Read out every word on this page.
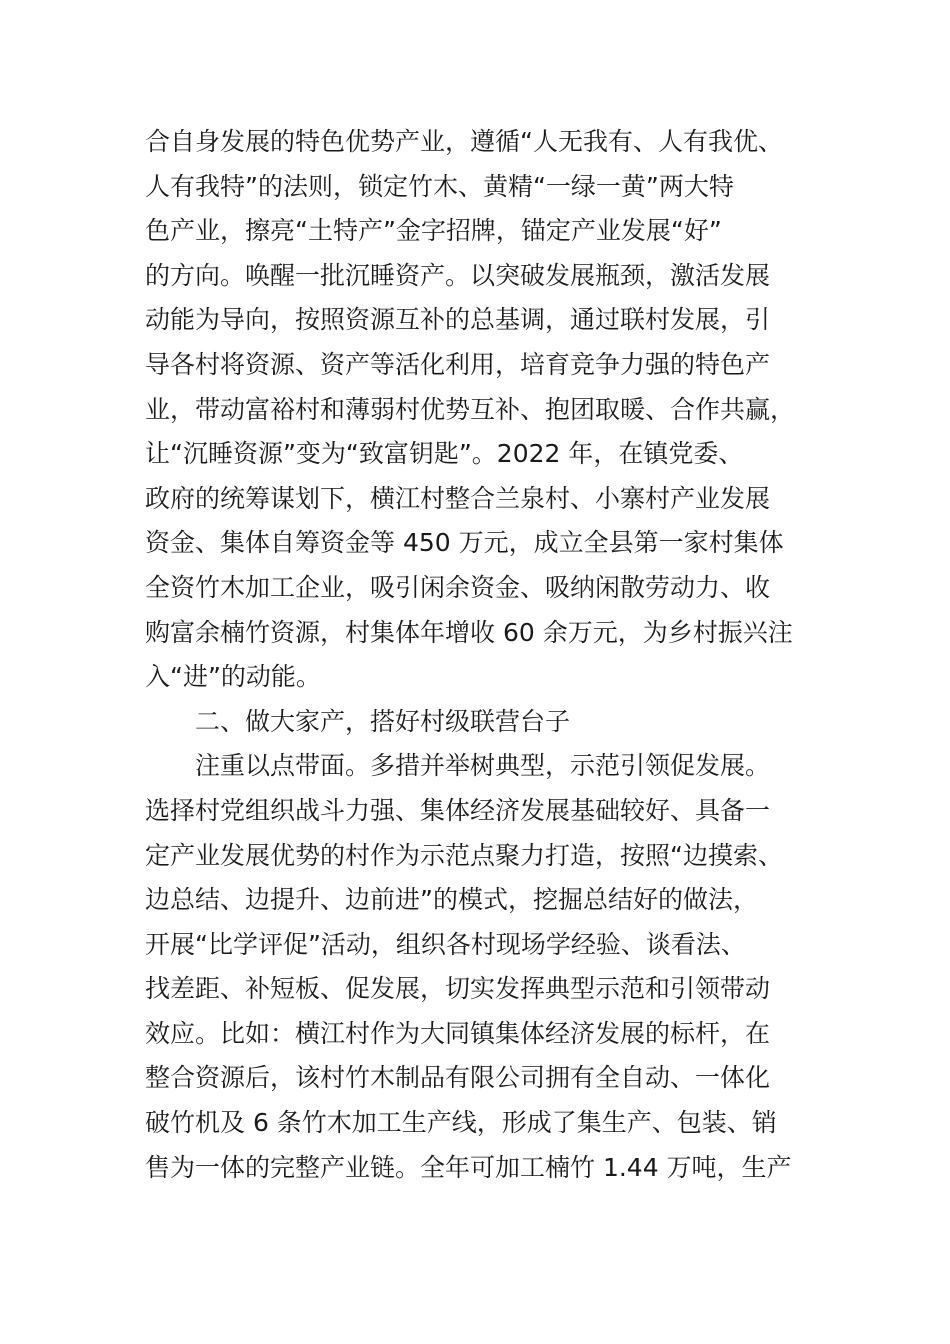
合自身发展的特色优势产业，遵循“人无我有、人有我优、
人有我特”的法则，锁定竹木、黄精“一绿一黄”两大特
色产业，擦亮“土特产”金字招牌，锚定产业发展“好”
的方向。唤醒一批沉睡资产。以突破发展瓶颈，激活发展
动能为导向，按照资源互补的总基调，通过联村发展，引
导各村将资源、资产等活化利用，培育竞争力强的特色产
业，带动富裕村和薄弱村优势互补、抱团取暖、合作共赢，
让“沉睡资源”变为“致富钥匙”。2022 年，在镇党委、
政府的统筹谋划下，横江村整合兰泉村、小寨村产业发展
资金、集体自筹资金等 450 万元，成立全县第一家村集体
全资竹木加工企业，吸引闲余资金、吸纳闲散劳动力、收
购富余楠竹资源，村集体年增收 60 余万元，为乡村振兴注
入“进”的动能。
二、做大家产，搭好村级联营台子
注重以点带面。多措并举树典型，示范引领促发展。
选择村党组织战斗力强、集体经济发展基础较好、具备一
定产业发展优势的村作为示范点聚力打造，按照“边摸索、
边总结、边提升、边前进”的模式，挖掘总结好的做法，
开展“比学评促”活动，组织各村现场学经验、谈看法、
找差距、补短板、促发展，切实发挥典型示范和引领带动
效应。比如：横江村作为大同镇集体经济发展的标杆，在
整合资源后，该村竹木制品有限公司拥有全自动、一体化
破竹机及 6 条竹木加工生产线，形成了集生产、包装、销
售为一体的完整产业链。全年可加工楠竹 1.44 万吨，生产
